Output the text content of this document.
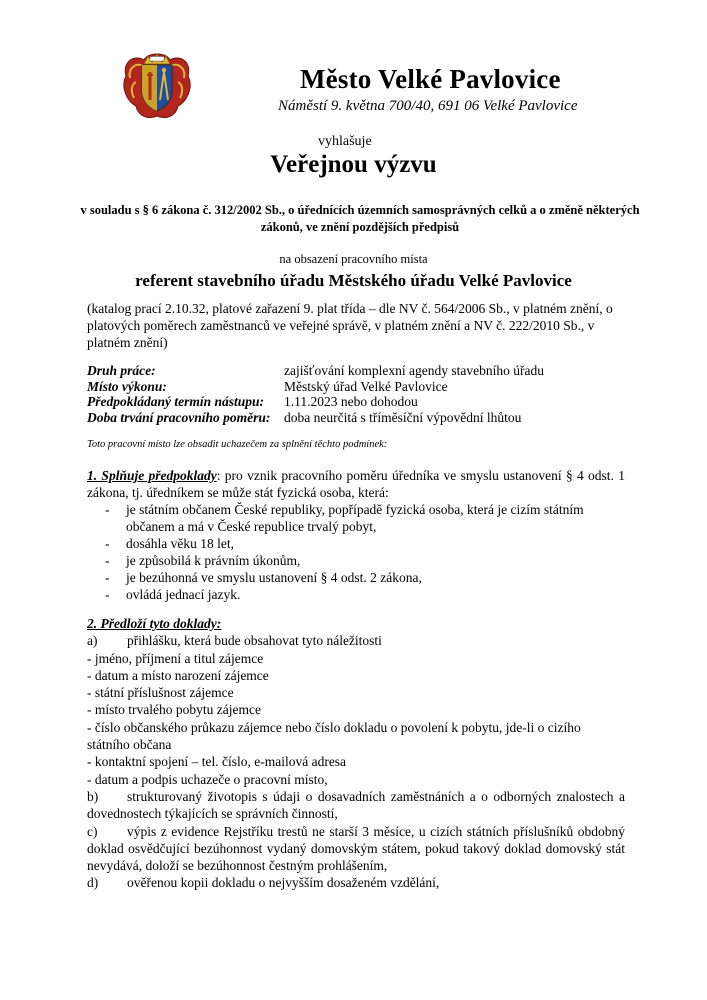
Město Velké Pavlovice
Náměstí 9. května 700/40, 691 06 Velké Pavlovice
vyhlašuje
Veřejnou výzvu
v souladu s § 6 zákona č. 312/2002 Sb., o úřednících územních samosprávných celků a o změně některých zákonů, ve znění pozdějších předpisů
na obsazení pracovního místa
referent stavebního úřadu Městského úřadu Velké Pavlovice
(katalog prací 2.10.32, platové zařazení 9. plat třída – dle NV č. 564/2006 Sb., v platném znění, o platových poměrech zaměstnanců ve veřejné správě, v platném znění a NV č. 222/2010 Sb., v platném znění)
Druh práce:	zajišťování komplexní agendy stavebního úřadu
Místo výkonu:	Městský úřad Velké Pavlovice
Předpokládaný termín nástupu:	1.11.2023 nebo dohodou
Doba trvání pracovního poměru:	doba neurčitá s tříměsíční výpovědní lhůtou
Toto pracovní místo lze obsadit uchazečem za splnění těchto podmínek:
1. Splňuje předpoklady: pro vznik pracovního poměru úředníka ve smyslu ustanovení § 4 odst. 1 zákona, tj. úředníkem se může stát fyzická osoba, která:
- je státním občanem České republiky, popřípadě fyzická osoba, která je cizím státním občanem a má v České republice trvalý pobyt,
- dosáhla věku 18 let,
- je způsobilá k právním úkonům,
- je bezúhonná ve smyslu ustanovení § 4 odst. 2 zákona,
- ovládá jednací jazyk.
2. Předloží tyto doklady:
a)	přihlášku, která bude obsahovat tyto náležitosti
- jméno, příjmení a titul zájemce
- datum a místo narození zájemce
- státní příslušnost zájemce
- místo trvalého pobytu zájemce
- číslo občanského průkazu zájemce nebo číslo dokladu o povolení k pobytu, jde-li o cizího státního občana
- kontaktní spojení – tel. číslo, e-mailová adresa
- datum a podpis uchazeče o pracovní místo,
b) strukturovaný životopis s údaji o dosavadních zaměstnáních a o odborných znalostech a dovednostech týkajících se správních činností,
c) výpis z evidence Rejstříku trestů ne starší 3 měsíce, u cizích státních příslušníků obdobný doklad osvědčující bezúhonnost vydaný domovským státem, pokud takový doklad domovský stát nevydává, doloží se bezúhonnost čestným prohlášením,
d) ověřenou kopii dokladu o nejvyšším dosaženém vzdělání,
